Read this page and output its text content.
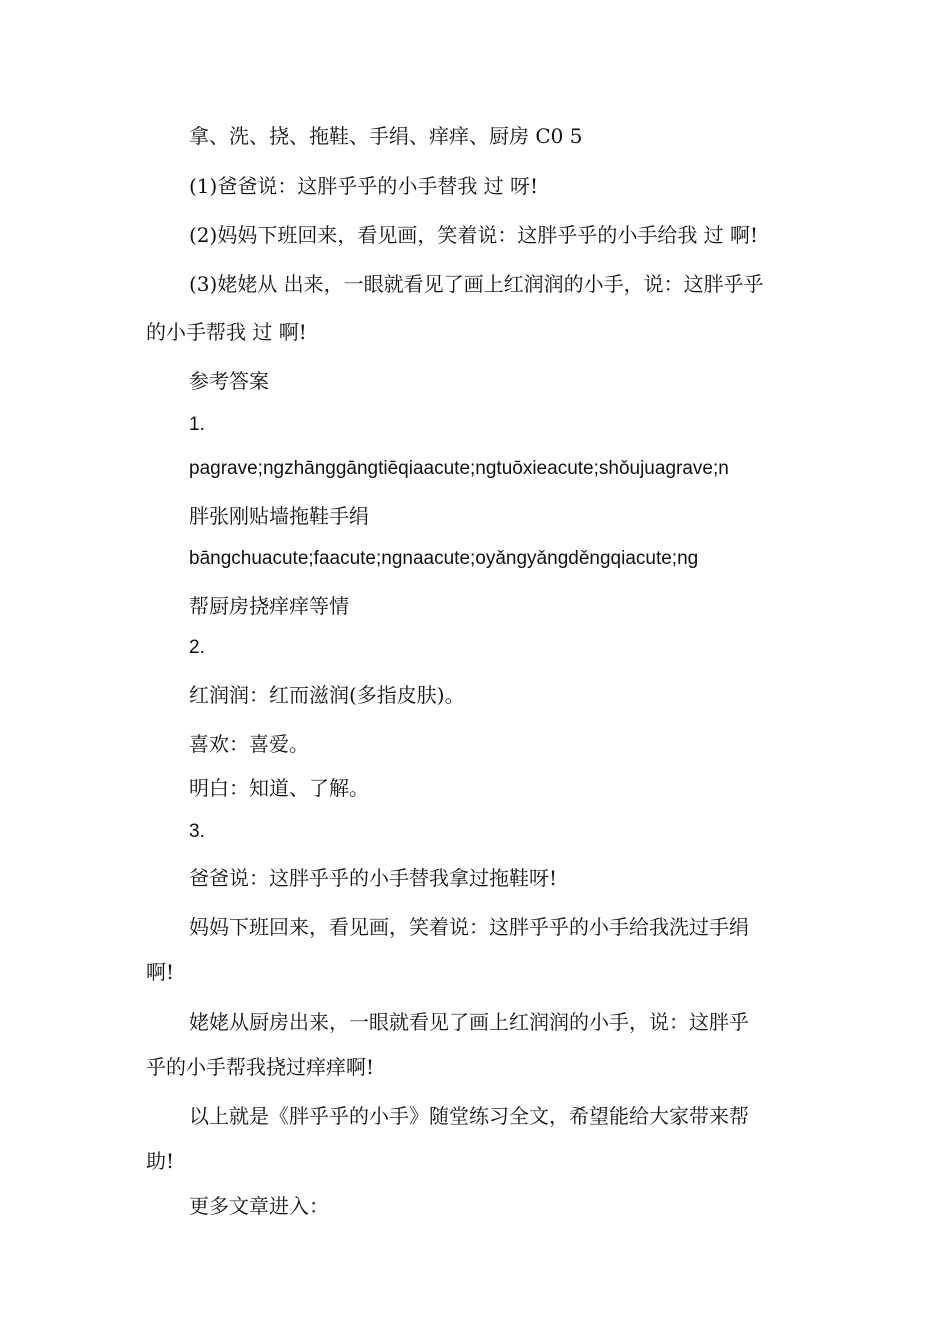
拿、洗、挠、拖鞋、手绢、痒痒、厨房 C0 5
(1)爸爸说：这胖乎乎的小手替我 过 呀!
(2)妈妈下班回来，看见画，笑着说：这胖乎乎的小手给我 过 啊!
(3)姥姥从 出来，一眼就看见了画上红润润的小手，说：这胖乎乎
的小手帮我 过 啊!
参考答案
1.
pagrave;ngzhānggāngtiēqiaacute;ngtuōxieacute;shǒujuagrave;n
胖张刚贴墙拖鞋手绢
bāngchuacute;faacute;ngnaacute;oyǎngyǎngděngqiacute;ng
帮厨房挠痒痒等情
2.
红润润：红而滋润(多指皮肤)。
喜欢：喜爱。
明白：知道、了解。
3.
爸爸说：这胖乎乎的小手替我拿过拖鞋呀!
妈妈下班回来，看见画，笑着说：这胖乎乎的小手给我洗过手绢
啊!
姥姥从厨房出来，一眼就看见了画上红润润的小手，说：这胖乎
乎的小手帮我挠过痒痒啊!
以上就是《胖乎乎的小手》随堂练习全文，希望能给大家带来帮
助!
更多文章进入：
